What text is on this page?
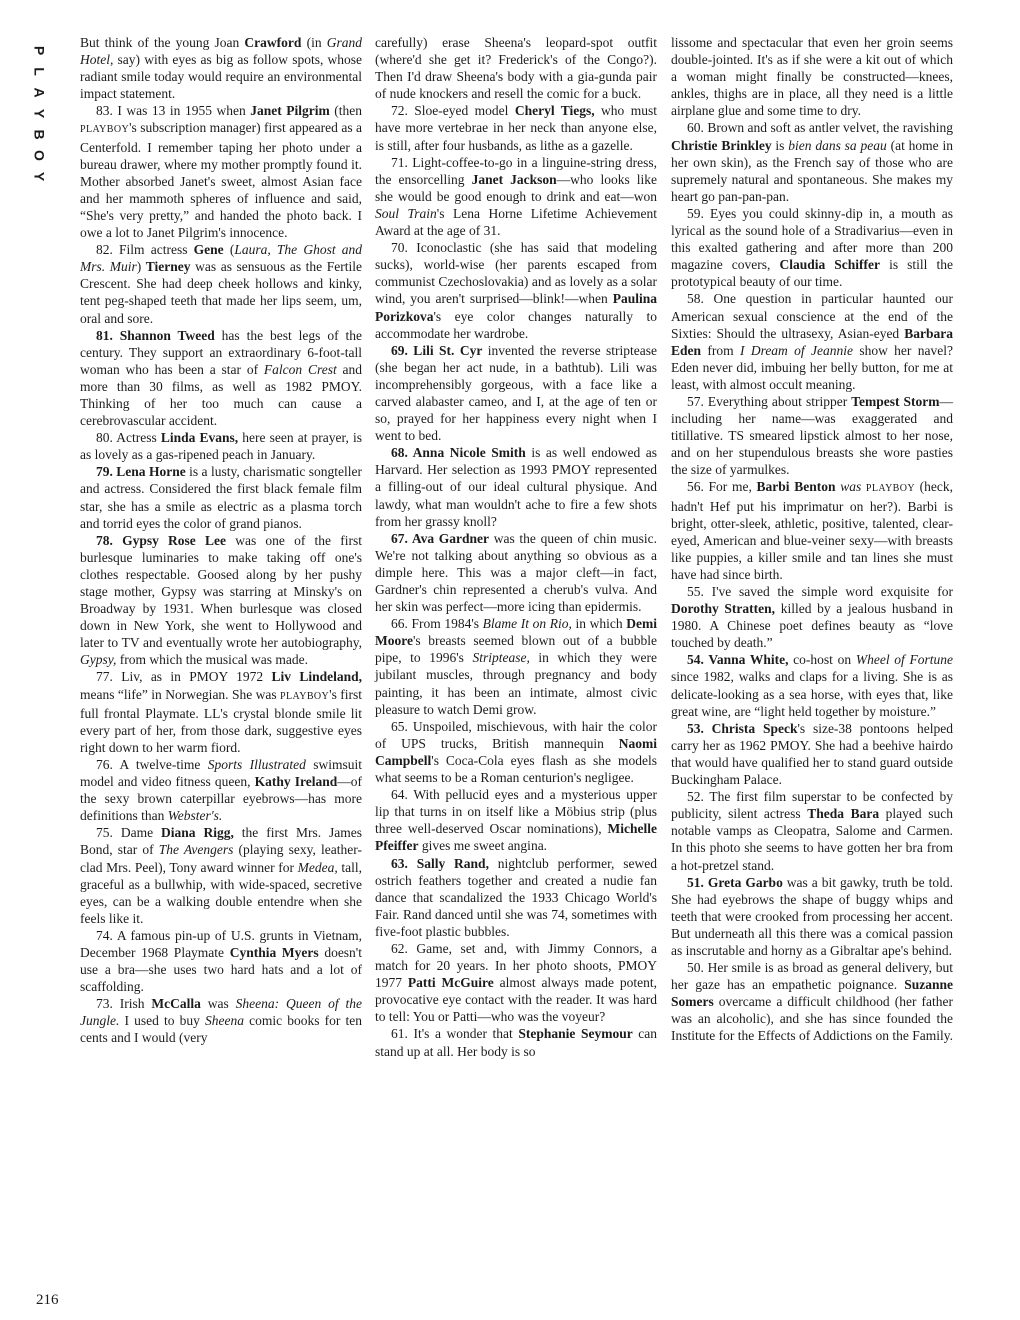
P
L
A
Y
B
O
Y
216

But think of the young Joan Crawford (in Grand Hotel, say) with eyes as big as follow spots, whose radiant smile today would require an environmental impact statement.

83. I was 13 in 1955 when Janet Pilgrim (then PLAYBOY's subscription manager) first appeared as a Centerfold. I remember taping her photo under a bureau drawer, where my mother promptly found it. Mother absorbed Janet's sweet, almost Asian face and her mammoth spheres of influence and said, “She's very pretty,” and handed the photo back. I owe a lot to Janet Pilgrim's innocence.

82. Film actress Gene (Laura, The Ghost and Mrs. Muir) Tierney was as sensuous as the Fertile Crescent. She had deep cheek hollows and kinky, tent peg-shaped teeth that made her lips seem, um, oral and sore.

81. Shannon Tweed has the best legs of the century. They support an extraordinary 6-foot-tall woman who has been a star of Falcon Crest and more than 30 films, as well as 1982 PMOY. Thinking of her too much can cause a cerebrovascular accident.

80. Actress Linda Evans, here seen at prayer, is as lovely as a gas-ripened peach in January.

79. Lena Horne is a lusty, charismatic songteller and actress. Considered the first black female film star, she has a smile as electric as a plasma torch and torrid eyes the color of grand pianos.

78. Gypsy Rose Lee was one of the first burlesque luminaries to make taking off one's clothes respectable. Goosed along by her pushy stage mother, Gypsy was starring at Minsky's on Broadway by 1931. When burlesque was closed down in New York, she went to Hollywood and later to TV and eventually wrote her autobiography, Gypsy, from which the musical was made.

77. Liv, as in PMOY 1972 Liv Lindeland, means “life” in Norwegian. She was PLAYBOY's first full frontal Playmate. LL's crystal blonde smile lit every part of her, from those dark, suggestive eyes right down to her warm fiord.

76. A twelve-time Sports Illustrated swimsuit model and video fitness queen, Kathy Ireland—of the sexy brown caterpillar eyebrows—has more definitions than Webster's.

75. Dame Diana Rigg, the first Mrs. James Bond, star of The Avengers (playing sexy, leather-clad Mrs. Peel), Tony award winner for Medea, tall, graceful as a bullwhip, with wide-spaced, secretive eyes, can be a walking double entendre when she feels like it.

74. A famous pin-up of U.S. grunts in Vietnam, December 1968 Playmate Cynthia Myers doesn't use a bra—she uses two hard hats and a lot of scaffolding.

73. Irish McCalla was Sheena: Queen of the Jungle. I used to buy Sheena comic books for ten cents and I would (very

carefully) erase Sheena's leopard-spot outfit (where'd she get it? Frederick's of the Congo?). Then I'd draw Sheena's body with a gia-gunda pair of nude knockers and resell the comic for a buck.

72. Sloe-eyed model Cheryl Tiegs, who must have more vertebrae in her neck than anyone else, is still, after four husbands, as lithe as a gazelle.

71. Light-coffee-to-go in a linguine-string dress, the ensorcelling Janet Jackson—who looks like she would be good enough to drink and eat—won Soul Train's Lena Horne Lifetime Achievement Award at the age of 31.

70. Iconoclastic (she has said that modeling sucks), world-wise (her parents escaped from communist Czechoslovakia) and as lovely as a solar wind, you aren't surprised—blink!—when Paulina Porizkova's eye color changes naturally to accommodate her wardrobe.

69. Lili St. Cyr invented the reverse striptease (she began her act nude, in a bathtub). Lili was incomprehensibly gorgeous, with a face like a carved alabaster cameo, and I, at the age of ten or so, prayed for her happiness every night when I went to bed.

68. Anna Nicole Smith is as well endowed as Harvard. Her selection as 1993 PMOY represented a filling-out of our ideal cultural physique. And lawdy, what man wouldn't ache to fire a few shots from her grassy knoll?

67. Ava Gardner was the queen of chin music. We're not talking about anything so obvious as a dimple here. This was a major cleft—in fact, Gardner's chin represented a cherub's vulva. And her skin was perfect—more icing than epidermis.

66. From 1984's Blame It on Rio, in which Demi Moore's breasts seemed blown out of a bubble pipe, to 1996's Striptease, in which they were jubilant muscles, through pregnancy and body painting, it has been an intimate, almost civic pleasure to watch Demi grow.

65. Unspoiled, mischievous, with hair the color of UPS trucks, British mannequin Naomi Campbell's Coca-Cola eyes flash as she models what seems to be a Roman centurion's negligee.

64. With pellucid eyes and a mysterious upper lip that turns in on itself like a Möbius strip (plus three well-deserved Oscar nominations), Michelle Pfeiffer gives me sweet angina.

63. Sally Rand, nightclub performer, sewed ostrich feathers together and created a nudie fan dance that scandalized the 1933 Chicago World's Fair. Rand danced until she was 74, sometimes with five-foot plastic bubbles.

62. Game, set and, with Jimmy Connors, a match for 20 years. In her photo shoots, PMOY 1977 Patti McGuire almost always made potent, provocative eye contact with the reader. It was hard to tell: You or Patti—who was the voyeur?

61. It's a wonder that Stephanie Seymour can stand up at all. Her body is so

lissome and spectacular that even her groin seems double-jointed. It's as if she were a kit out of which a woman might finally be constructed—knees, ankles, thighs are in place, all they need is a little airplane glue and some time to dry.

60. Brown and soft as antler velvet, the ravishing Christie Brinkley is bien dans sa peau (at home in her own skin), as the French say of those who are supremely natural and spontaneous. She makes my heart go pan-pan-pan.

59. Eyes you could skinny-dip in, a mouth as lyrical as the sound hole of a Stradivarius—even in this exalted gathering and after more than 200 magazine covers, Claudia Schiffer is still the prototypical beauty of our time.

58. One question in particular haunted our American sexual conscience at the end of the Sixties: Should the ultrasexy, Asian-eyed Barbara Eden from I Dream of Jeannie show her navel? Eden never did, imbuing her belly button, for me at least, with almost occult meaning.

57. Everything about stripper Tempest Storm—including her name—was exaggerated and titillative. TS smeared lipstick almost to her nose, and on her stupendulous breasts she wore pasties the size of yarmulkes.

56. For me, Barbi Benton was PLAYBOY (heck, hadn't Hef put his imprimatur on her?). Barbi is bright, otter-sleek, athletic, positive, talented, clear-eyed, American and blue-veiner sexy—with breasts like puppies, a killer smile and tan lines she must have had since birth.

55. I've saved the simple word exquisite for Dorothy Stratten, killed by a jealous husband in 1980. A Chinese poet defines beauty as “love touched by death.”

54. Vanna White, co-host on Wheel of Fortune since 1982, walks and claps for a living. She is as delicate-looking as a sea horse, with eyes that, like great wine, are “light held together by moisture.”

53. Christa Speck's size-38 pontoons helped carry her as 1962 PMOY. She had a beehive hairdo that would have qualified her to stand guard outside Buckingham Palace.

52. The first film superstar to be confected by publicity, silent actress Theda Bara played such notable vamps as Cleopatra, Salome and Carmen. In this photo she seems to have gotten her bra from a hot-pretzel stand.

51. Greta Garbo was a bit gawky, truth be told. She had eyebrows the shape of buggy whips and teeth that were crooked from processing her accent. But underneath all this there was a comical passion as inscrutable and horny as a Gibraltar ape's behind.

50. Her smile is as broad as general delivery, but her gaze has an empathetic poignance. Suzanne Somers overcame a difficult childhood (her father was an alcoholic), and she has since founded the Institute for the Effects of Addictions on the Family.
